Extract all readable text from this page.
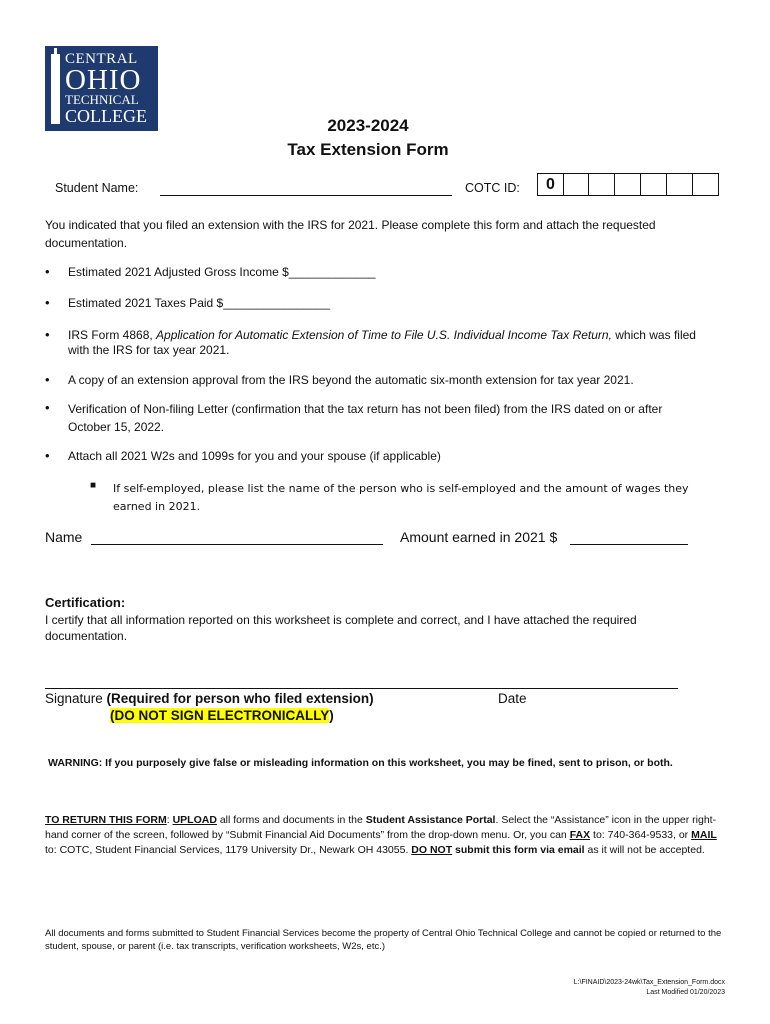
CENTRAL
OHIO
TECHNICAL
COLLEGE	2023-2024
Tax Extension Form
Student Name:	COTC ID:	0
You indicated that you filed an extension with the IRS for 2021. Please complete this form and attach the requested documentation.
• Estimated 2021 Adjusted Gross Income $_____________
• Estimated 2021 Taxes Paid $________________
• IRS Form 4868, Application for Automatic Extension of Time to File U.S. Individual Income Tax Return, which was filed with the IRS for tax year 2021.
• A copy of an extension approval from the IRS beyond the automatic six-month extension for tax year 2021.
• Verification of Non-filing Letter (confirmation that the tax return has not been filed) from the IRS dated on or after October 15, 2022.
• Attach all 2021 W2s and 1099s for you and your spouse (if applicable)
■ If self-employed, please list the name of the person who is self-employed and the amount of wages they earned in 2021.
Name	Amount earned in 2021 $
Certification:
I certify that all information reported on this worksheet is complete and correct, and I have attached the required documentation.
Signature (Required for person who filed extension)
(DO NOT SIGN ELECTRONICALLY)
Date
WARNING: If you purposely give false or misleading information on this worksheet, you may be fined, sent to prison, or both.
TO RETURN THIS FORM: UPLOAD all forms and documents in the Student Assistance Portal. Select the “Assistance” icon in the upper right-hand corner of the screen, followed by “Submit Financial Aid Documents” from the drop-down menu. Or, you can FAX to: 740-364-9533, or MAIL to: COTC, Student Financial Services, 1179 University Dr., Newark OH 43055. DO NOT submit this form via email as it will not be accepted.
All documents and forms submitted to Student Financial Services become the property of Central Ohio Technical College and cannot be copied or returned to the student, spouse, or parent (i.e. tax transcripts, verification worksheets, W2s, etc.)
L:\FINAID\2023-24wk\Tax_Extension_Form.docx
Last Modified 01/20/2023
